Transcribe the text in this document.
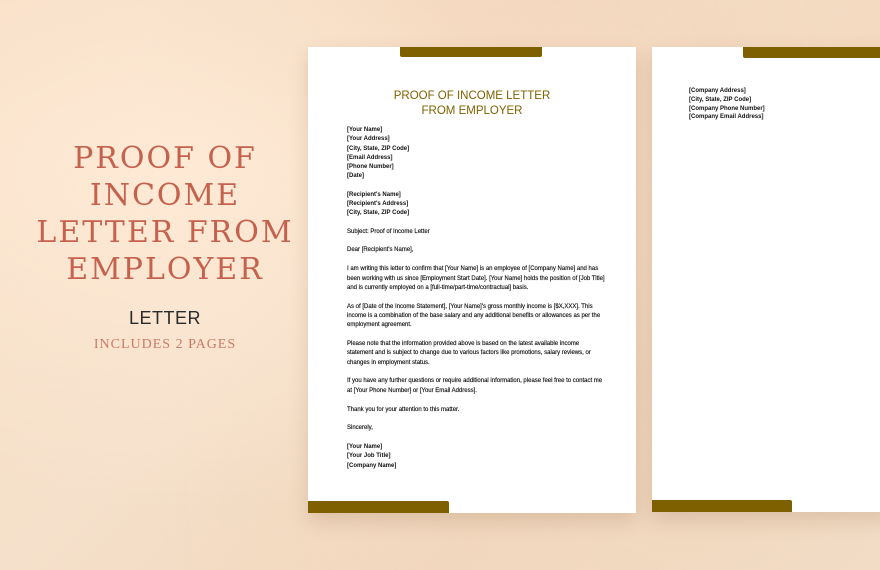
PROOF OF
INCOME
LETTER FROM
EMPLOYER
LETTER
INCLUDES 2 PAGES
PROOF OF INCOME LETTER
FROM EMPLOYER
[Your Name]
[Your Address]
[City, State, ZIP Code]
[Email Address]
[Phone Number]
[Date]
[Recipient's Name]
[Recipient's Address]
[City, State, ZIP Code]

Subject: Proof of Income Letter

Dear [Recipient's Name],

I am writing this letter to confirm that [Your Name] is an employee of [Company Name] and has been working with us since [Employment Start Date]. [Your Name] holds the position of [Job Title] and is currently employed on a [full-time/part-time/contractual] basis.

As of [Date of the Income Statement], [Your Name]'s gross monthly income is [$X,XXX]. This income is a combination of the base salary and any additional benefits or allowances as per the employment agreement.

Please note that the information provided above is based on the latest available income statement and is subject to change due to various factors like promotions, salary reviews, or changes in employment status.

If you have any further questions or require additional information, please feel free to contact me at [Your Phone Number] or [Your Email Address].

Thank you for your attention to this matter.

Sincerely,

[Your Name]
[Your Job Title]
[Company Name]
[Company Address]
[City, State, ZIP Code]
[Company Phone Number]
[Company Email Address]
